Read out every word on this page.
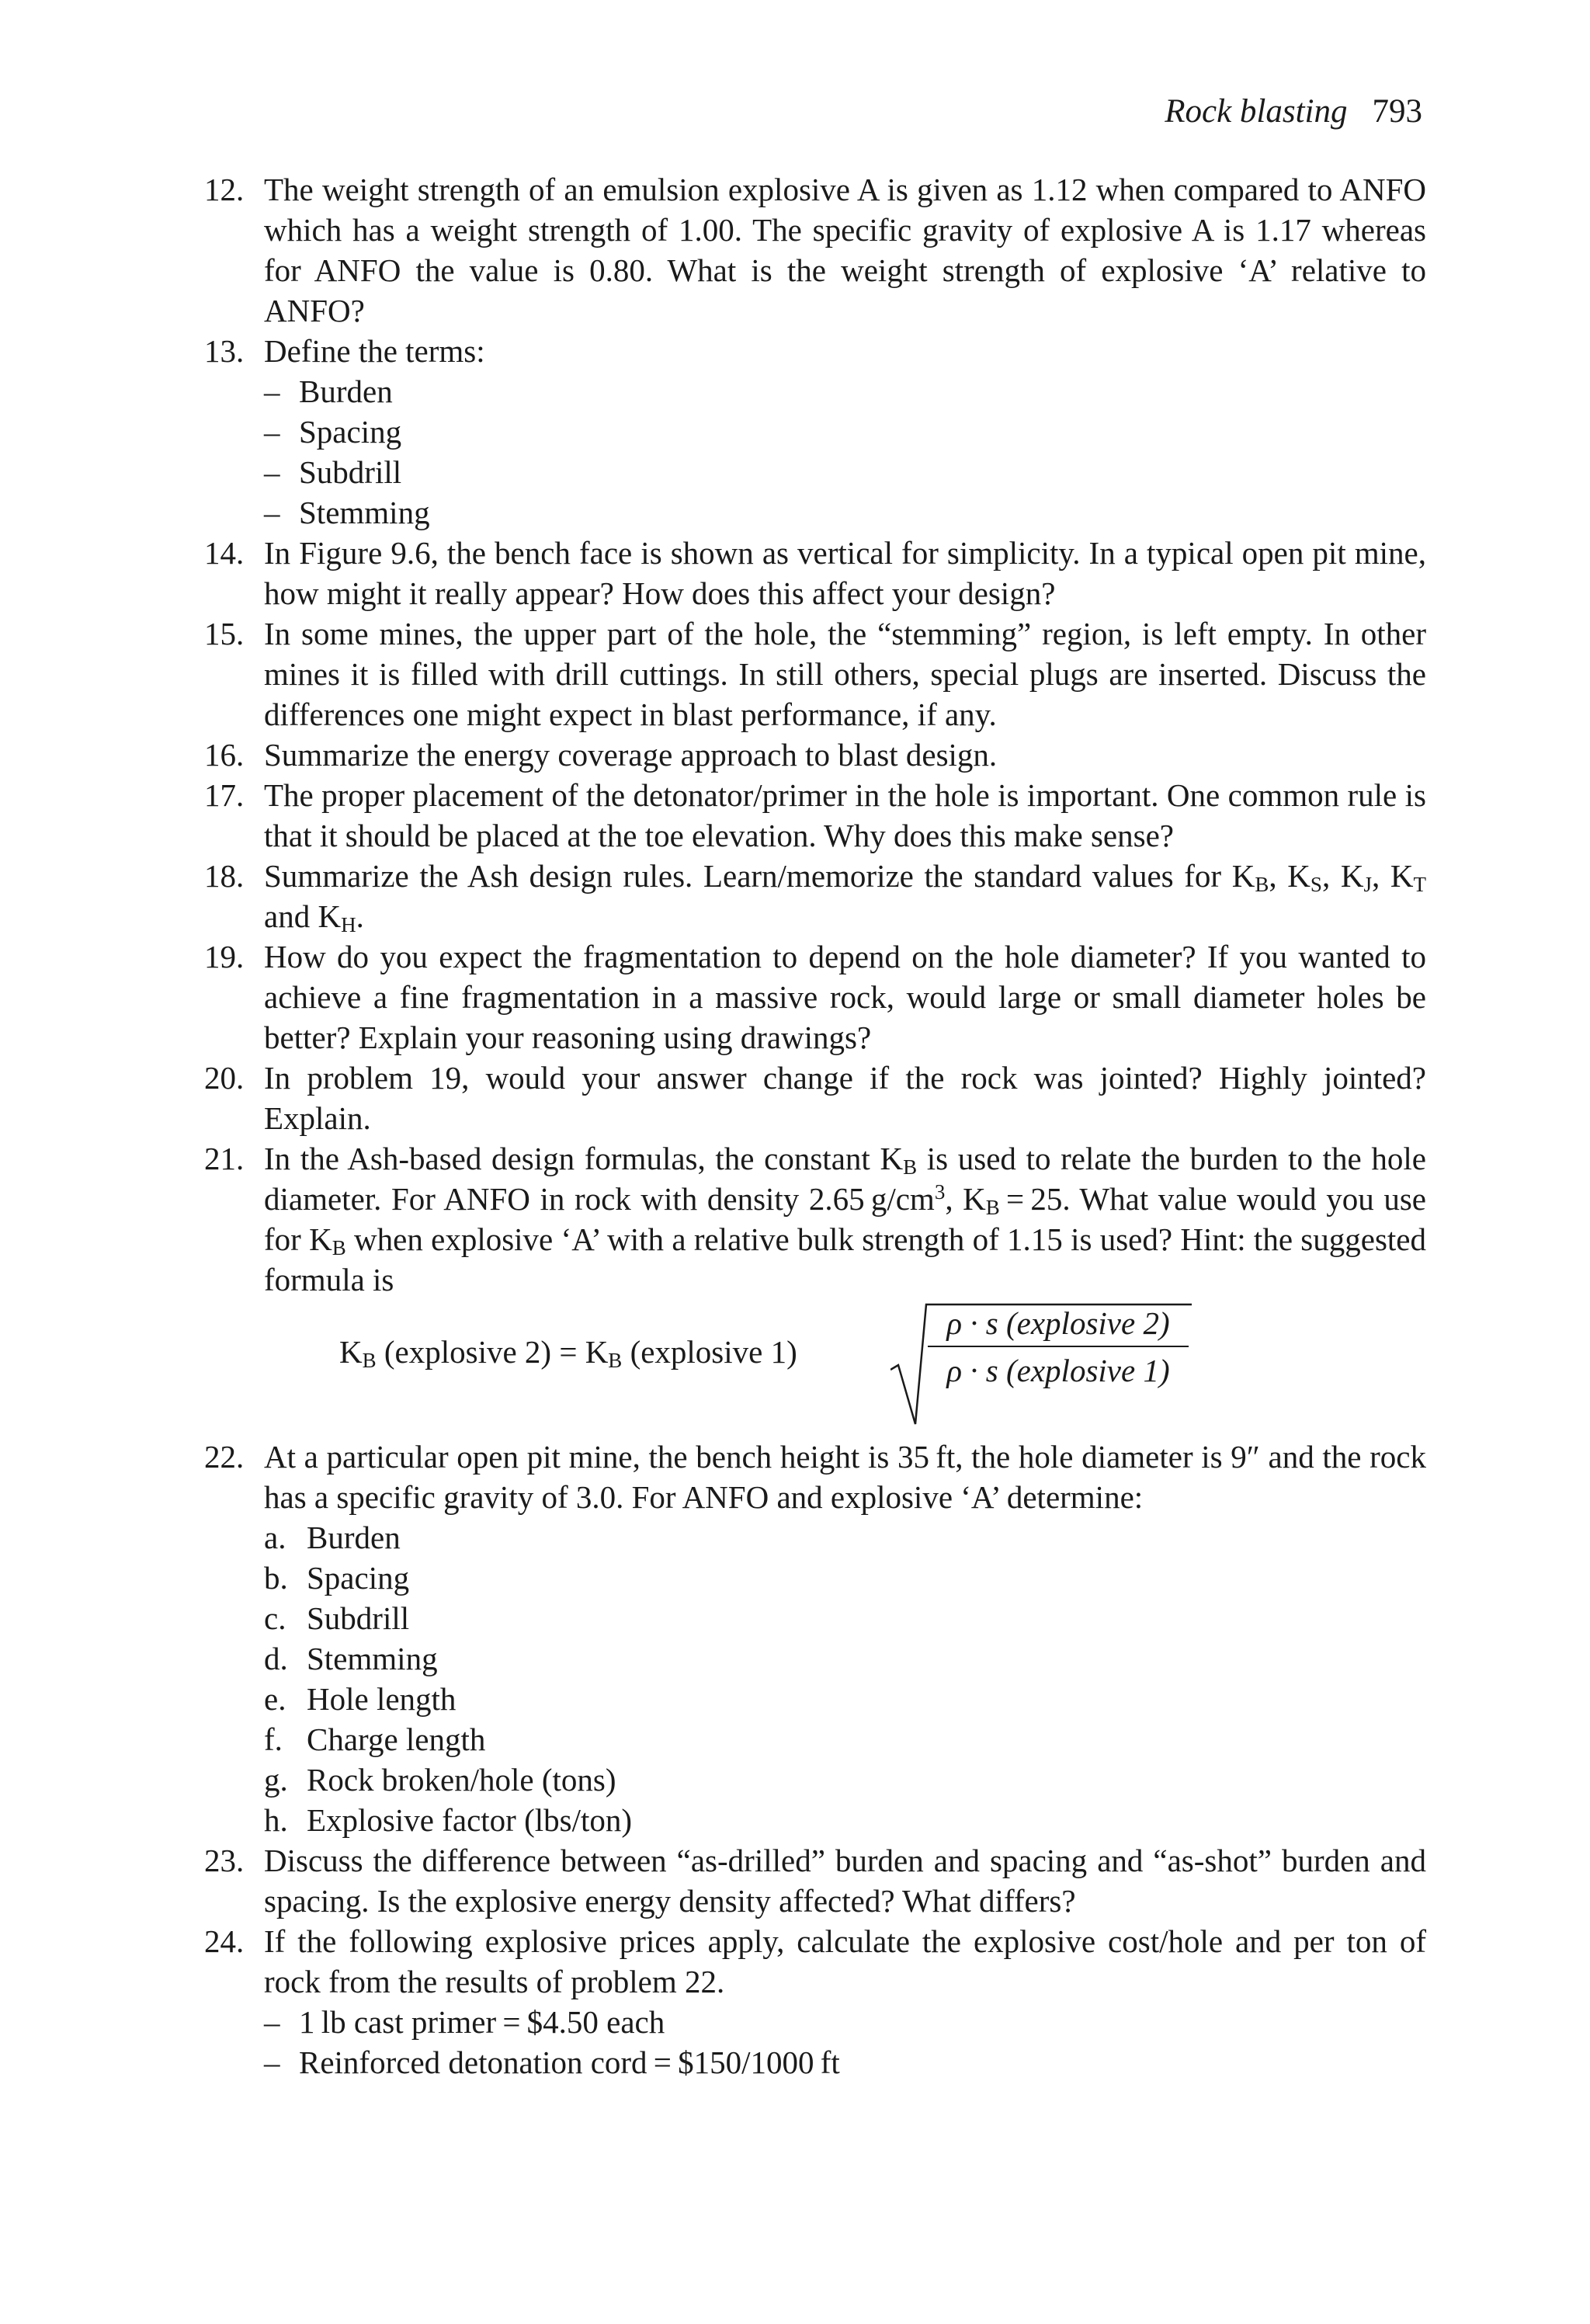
Rock blasting 793
12. The weight strength of an emulsion explosive A is given as 1.12 when compared to ANFO which has a weight strength of 1.00. The specific gravity of explosive A is 1.17 whereas for ANFO the value is 0.80. What is the weight strength of explosive ‘A’ relative to ANFO?

13. Define the terms:

– Burden
– Spacing
– Subdrill
– Stemming
14. In Figure 9.6, the bench face is shown as vertical for simplicity. In a typical open pit mine, how might it really appear? How does this affect your design?

15. In some mines, the upper part of the hole, the “stemming” region, is left empty. In other mines it is filled with drill cuttings. In still others, special plugs are inserted. Discuss the differences one might expect in blast performance, if any.

16. Summarize the energy coverage approach to blast design.

17. The proper placement of the detonator/primer in the hole is important. One common rule is that it should be placed at the toe elevation. Why does this make sense?

18. Summarize the Ash design rules. Learn/memorize the standard values for $K_B$, $K_S$, $K_J$, $K_T$ and $K_H$.

19. How do you expect the fragmentation to depend on the hole diameter? If you wanted to achieve a fine fragmentation in a massive rock, would large or small diameter holes be better? Explain your reasoning using drawings?

20. In problem 19, would your answer change if the rock was jointed? Highly jointed? Explain.

21. In the Ash-based design formulas, the constant $K_B$ is used to relate the burden to the hole diameter. For ANFO in rock with density 2.65 $g/cm^3$, $K_B = 25$. What value would you use for $K_B$ when explosive ‘A’ with a relative bulk strength of 1.15 is used? Hint: the suggested formula is

$K_B$ (explosive $2) = K_B$ (explosive 1)
ρ · s (explosive 2)
ρ · s (explosive 1)
22. At a particular open pit mine, the bench height is 35 ft, the hole diameter is 9″ and the rock has a specific gravity of 3.0. For ANFO and explosive ‘A’ determine:

a. Burden
b. Spacing
c. Subdrill
d. Stemming
e. Hole length
f. Charge length
g. Rock broken/hole (tons)
h. Explosive factor (lbs/ton)
23. Discuss the difference between “as-drilled” burden and spacing and “as-shot” burden and spacing. Is the explosive energy density affected? What differs?

24. If the following explosive prices apply, calculate the explosive cost/hole and per ton of rock from the results of problem 22.

– 1 lb cast primer = $4.50 each
– Reinforced detonation cord = $150/1000 ft
